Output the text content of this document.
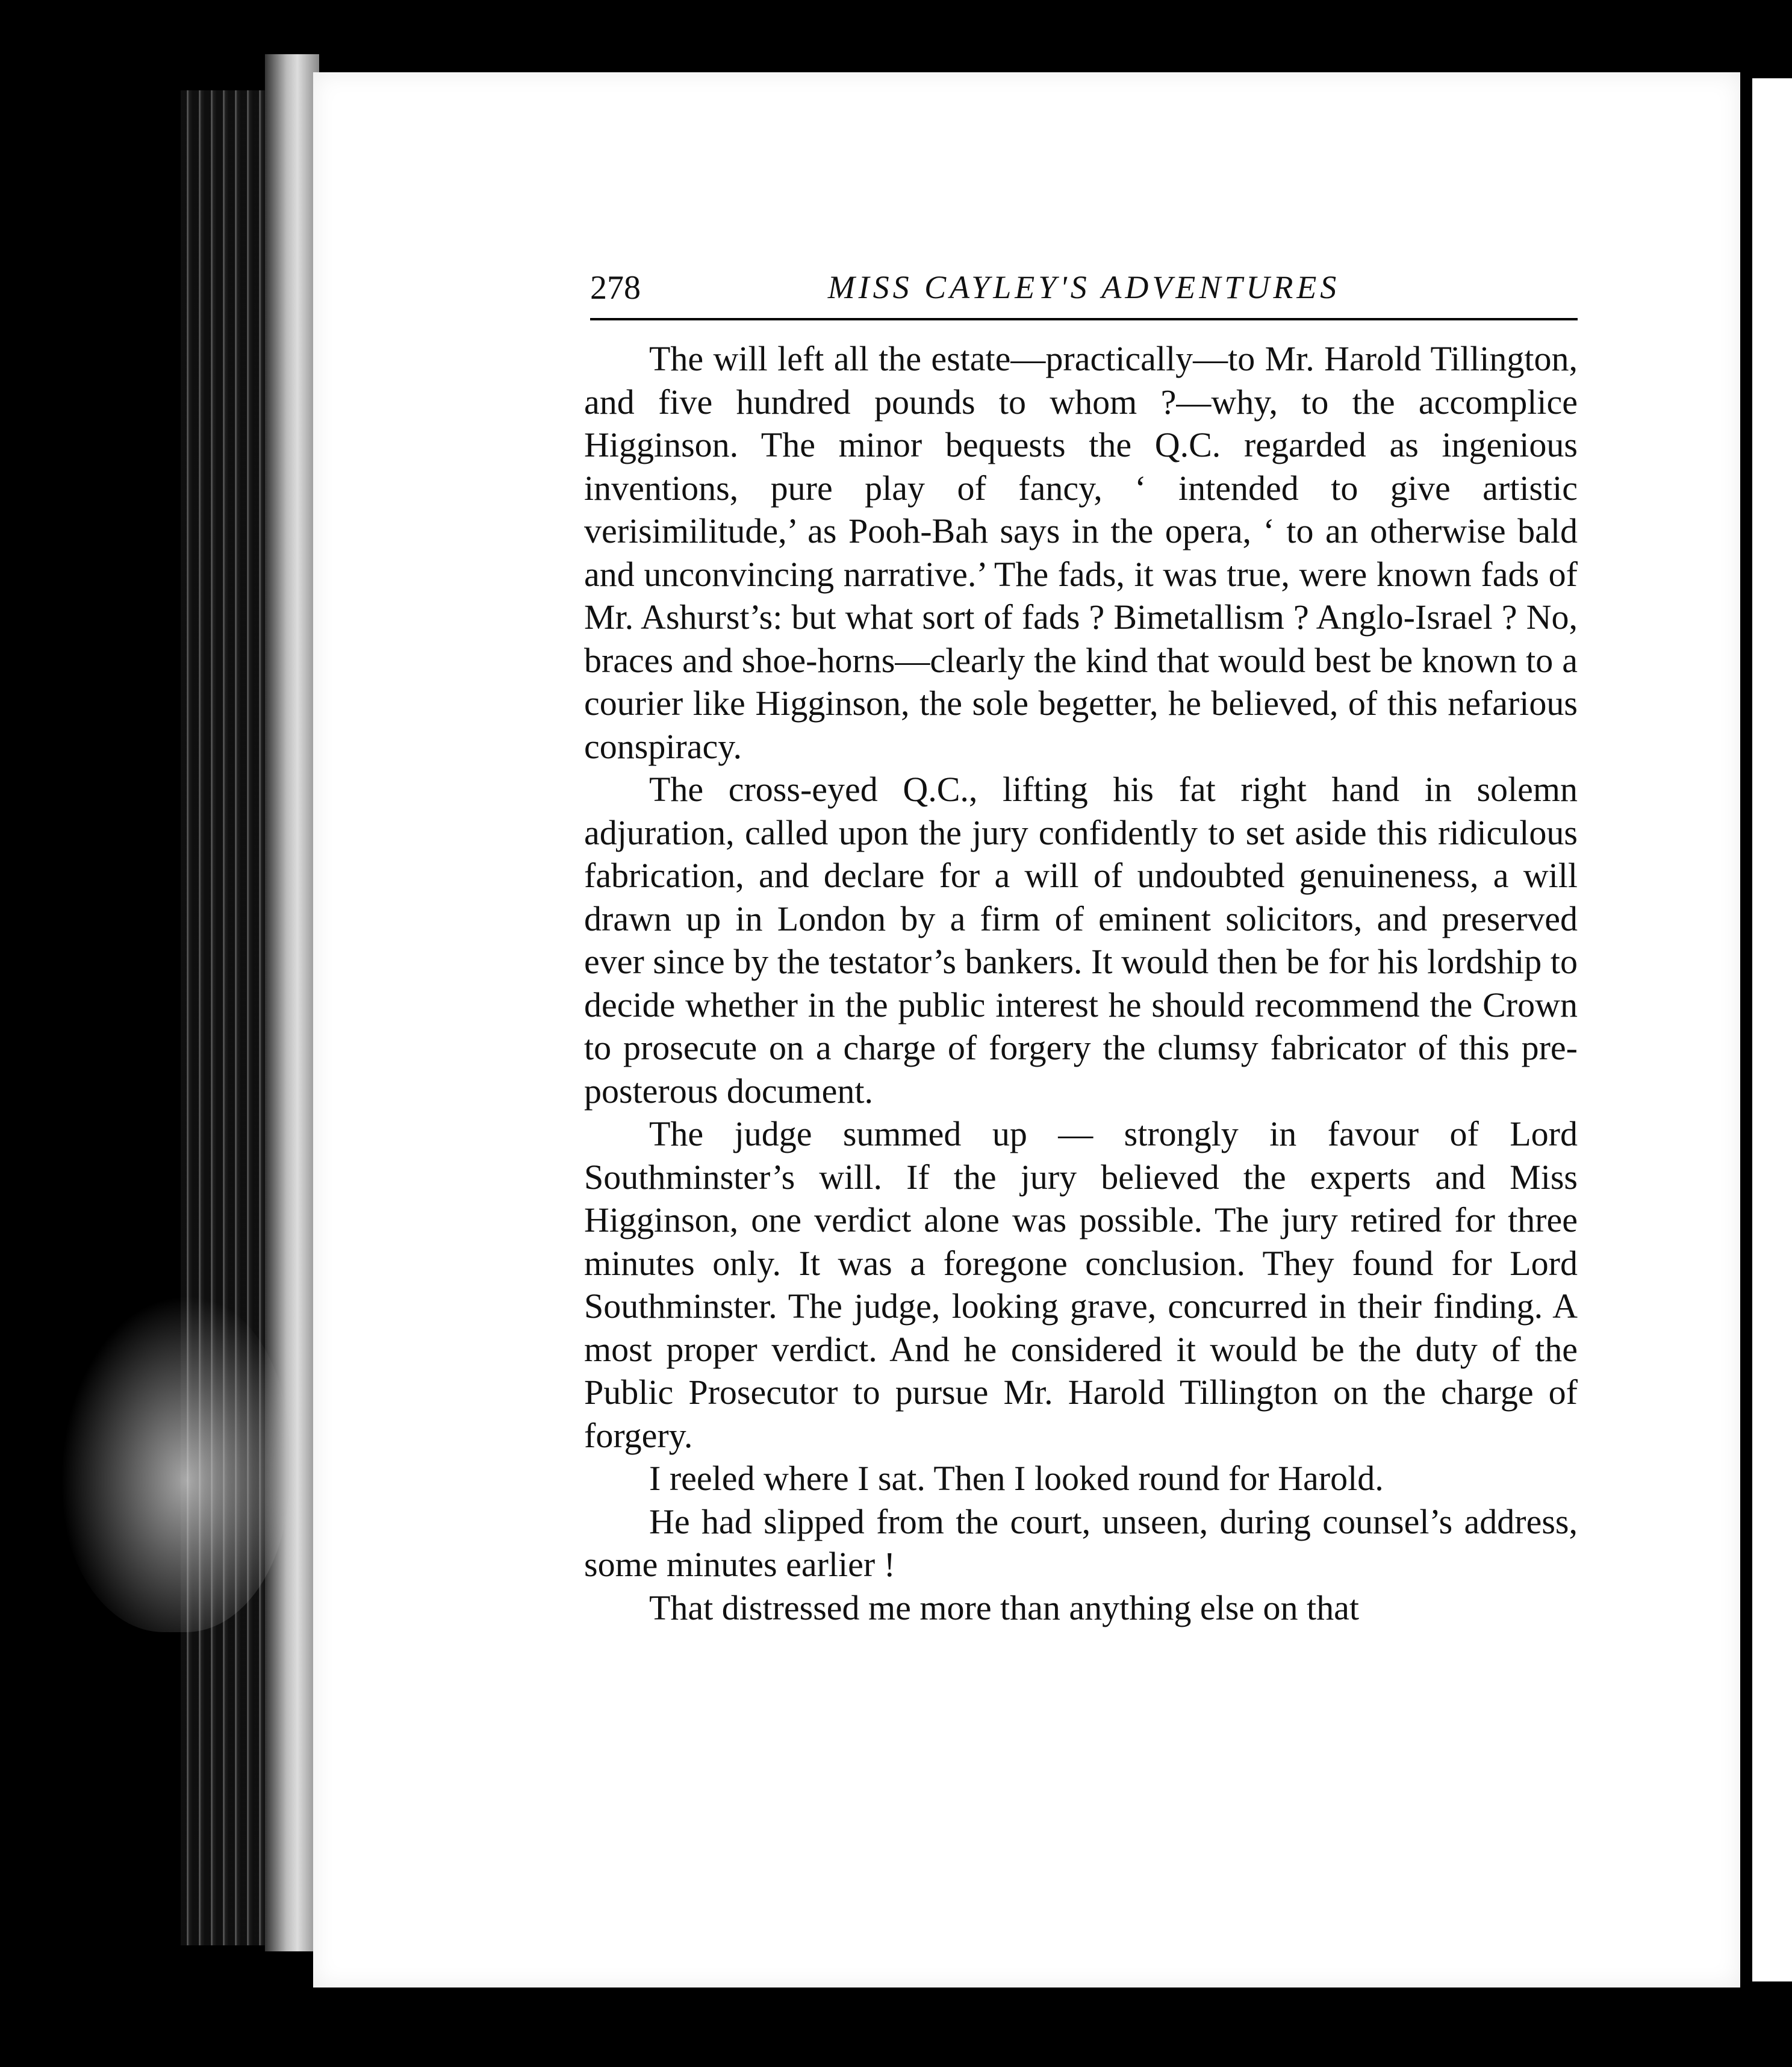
278	MISS CAYLEY'S ADVENTURES

The will left all the estate—practically—to Mr. Harold Tillington, and five hundred pounds to whom ?—why, to the accomplice Higginson. The minor bequests the Q.C. regarded as ingenious inventions, pure play of fancy, ‘ intended to give artistic verisimilitude,’ as Pooh-Bah says in the opera, ‘ to an otherwise bald and unconvincing narrative.’ The fads, it was true, were known fads of Mr. Ashurst’s: but what sort of fads ? Bimetallism ? Anglo-Israel ? No, braces and shoe-horns—clearly the kind that would best be known to a courier like Higginson, the sole begetter, he believed, of this nefarious conspiracy.

The cross-eyed Q.C., lifting his fat right hand in solemn adjuration, called upon the jury confidently to set aside this ridiculous fabrication, and declare for a will of undoubted genuineness, a will drawn up in London by a firm of eminent solicitors, and preserved ever since by the testator’s bankers. It would then be for his lordship to decide whether in the public interest he should recommend the Crown to prosecute on a charge of forgery the clumsy fabricator of this preposterous document.

The judge summed up — strongly in favour of Lord Southminster’s will. If the jury believed the experts and Miss Higginson, one verdict alone was possible. The jury retired for three minutes only. It was a foregone conclusion. They found for Lord Southminster. The judge, looking grave, concurred in their finding. A most proper verdict. And he considered it would be the duty of the Public Prosecutor to pursue Mr. Harold Tillington on the charge of forgery.

I reeled where I sat. Then I looked round for Harold.

He had slipped from the court, unseen, during counsel’s address, some minutes earlier !

That distressed me more than anything else on that
